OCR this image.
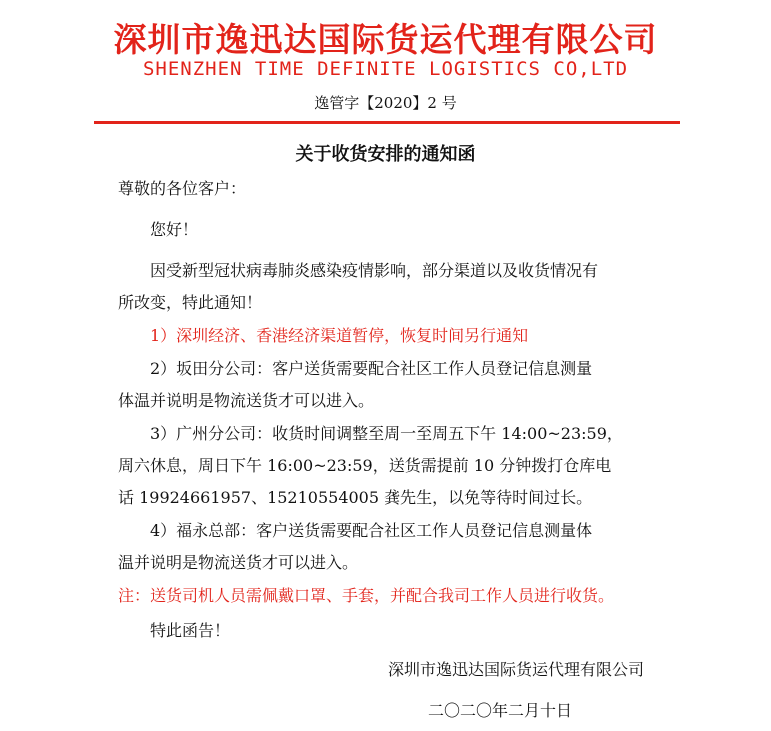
深圳市逸迅达国际货运代理有限公司
SHENZHEN TIME DEFINITE LOGISTICS CO,LTD
逸管字【2020】2 号
关于收货安排的通知函
尊敬的各位客户：
您好！
因受新型冠状病毒肺炎感染疫情影响，部分渠道以及收货情况有
所改变，特此通知！
1）深圳经济、香港经济渠道暂停，恢复时间另行通知
2）坂田分公司：客户送货需要配合社区工作人员登记信息测量
体温并说明是物流送货才可以进入。
3）广州分公司：收货时间调整至周一至周五下午 14:00~23:59，
周六休息，周日下午 16:00~23:59，送货需提前 10 分钟拨打仓库电
话 19924661957、15210554005 龚先生，以免等待时间过长。
4）福永总部：客户送货需要配合社区工作人员登记信息测量体
温并说明是物流送货才可以进入。
注：送货司机人员需佩戴口罩、手套，并配合我司工作人员进行收货。
特此函告！
深圳市逸迅达国际货运代理有限公司
二〇二〇年二月十日
